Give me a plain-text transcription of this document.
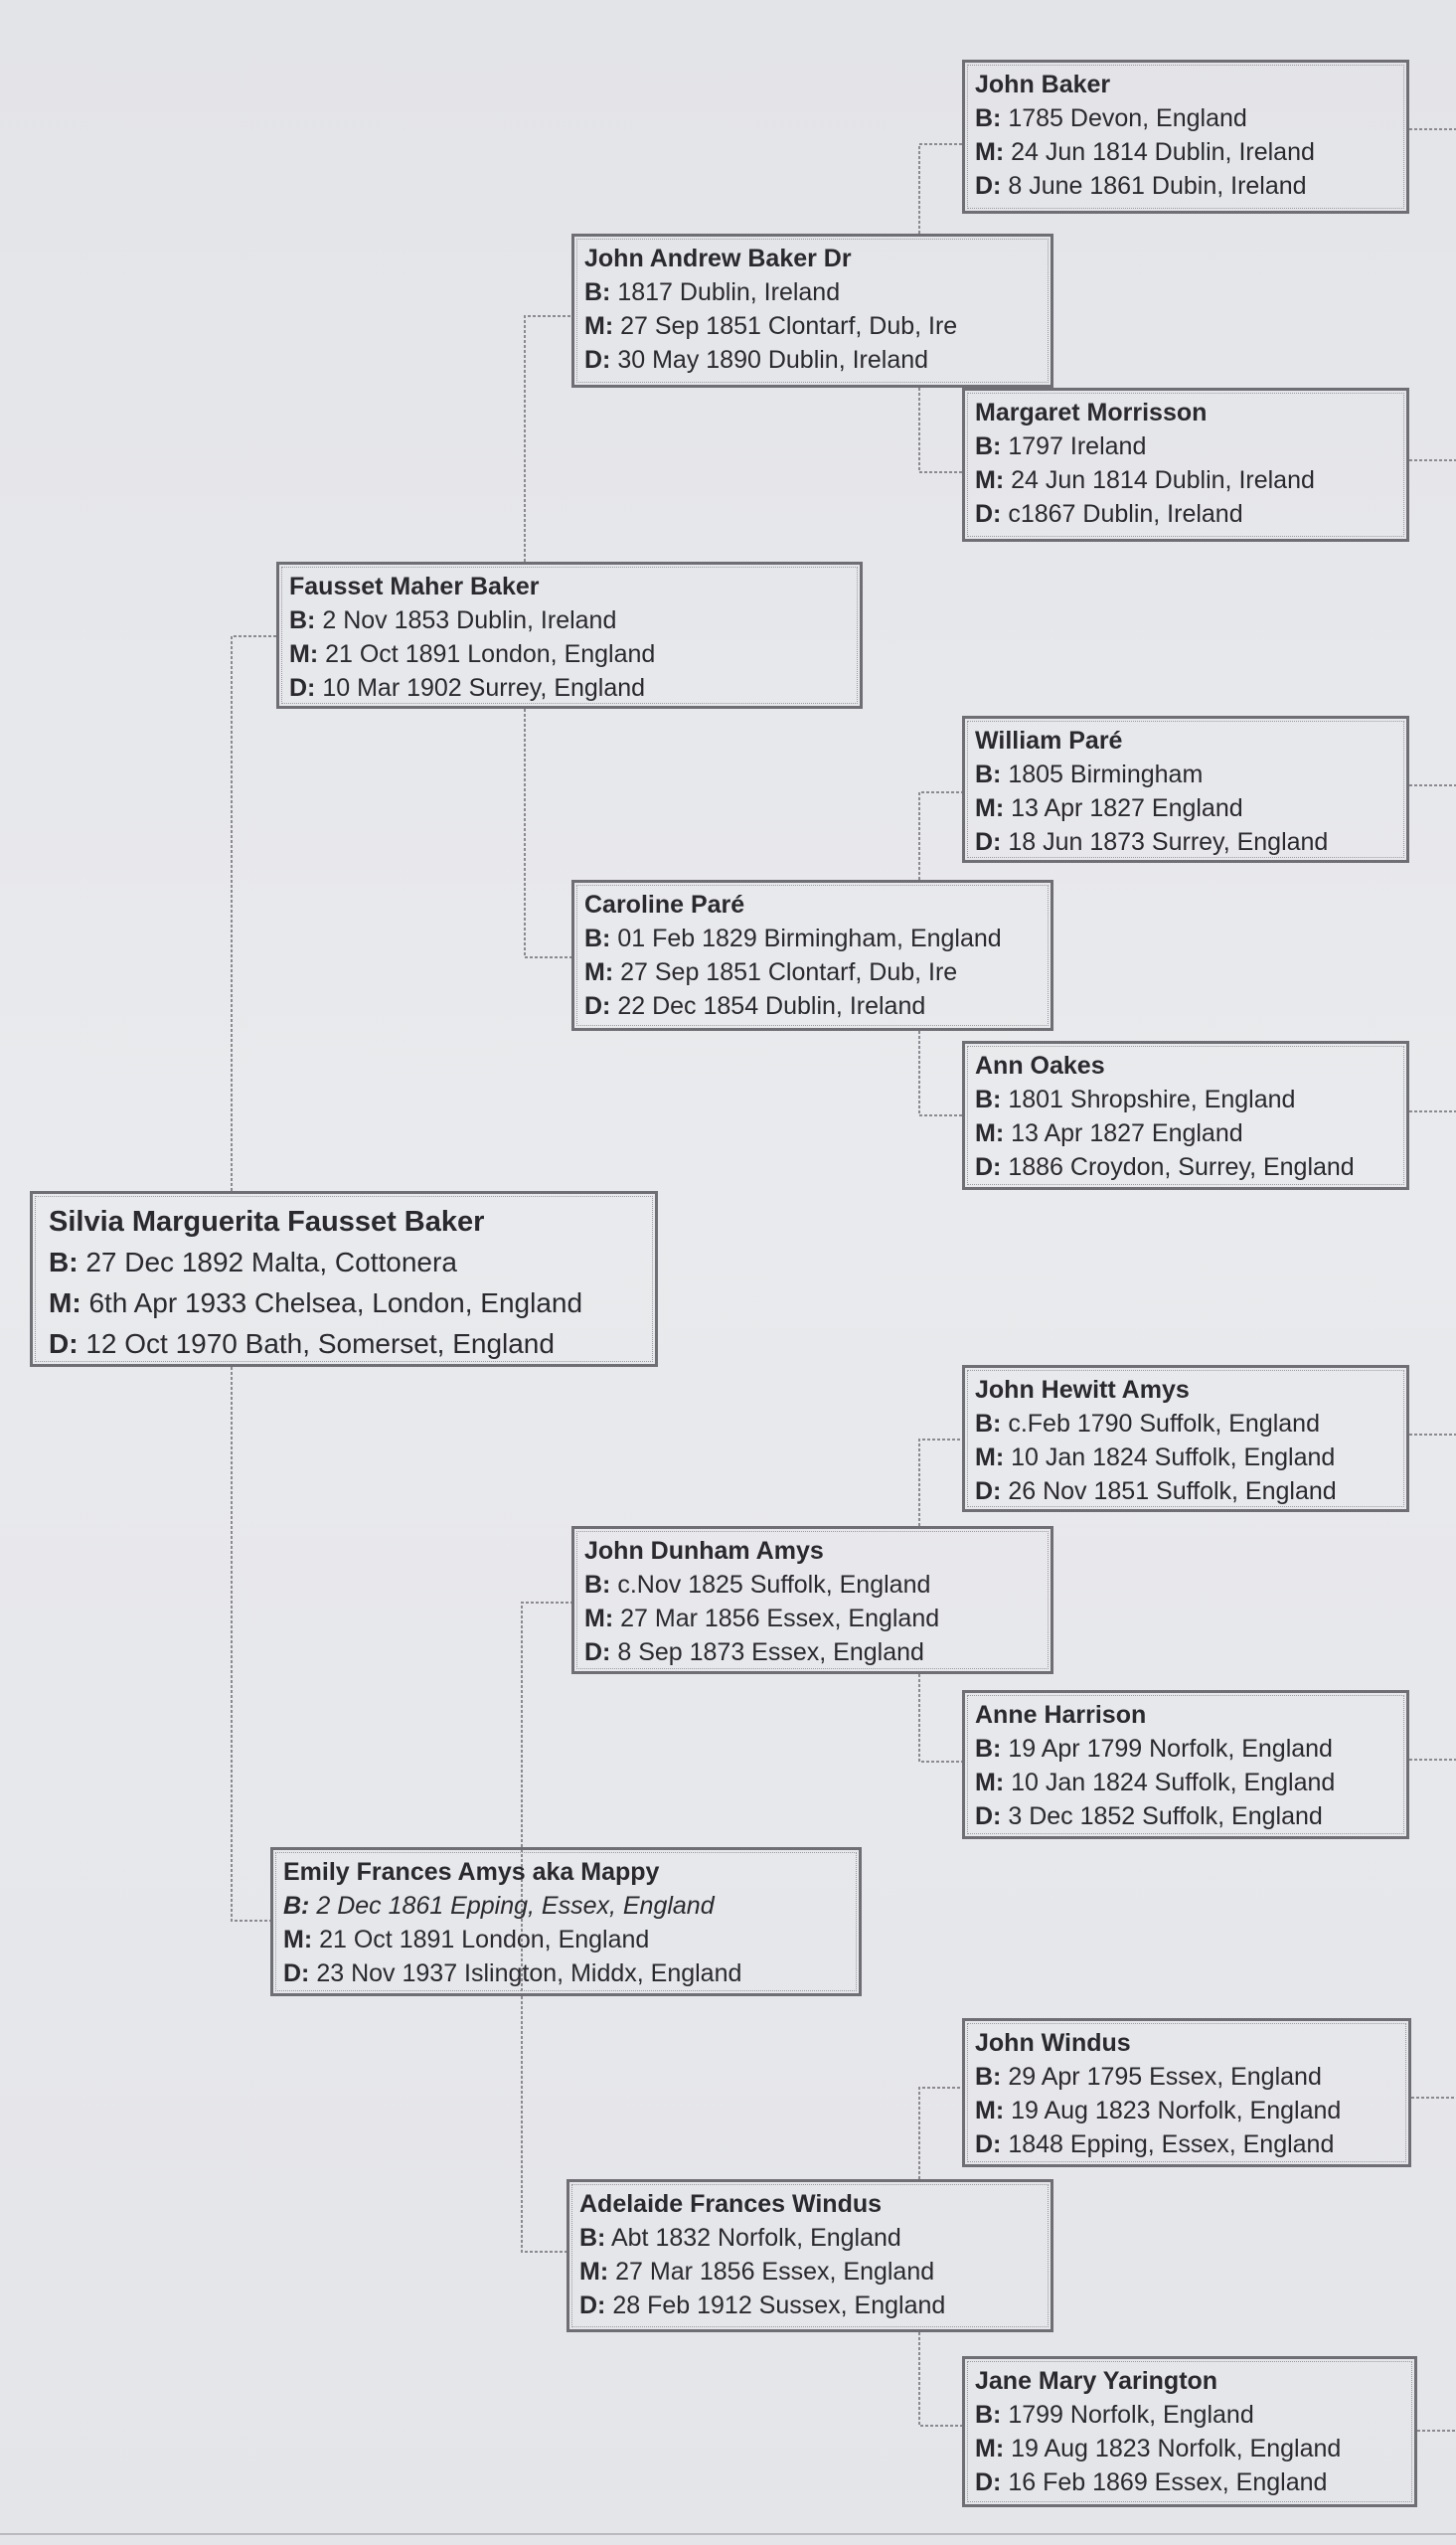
John Baker
B: 1785 Devon, England
M: 24 Jun 1814 Dublin, Ireland
D: 8 June 1861 Dubin, Ireland
John Andrew Baker Dr
B: 1817 Dublin, Ireland
M: 27 Sep 1851 Clontarf, Dub, Ire
D: 30 May 1890 Dublin, Ireland
Margaret Morrisson
B: 1797 Ireland
M: 24 Jun 1814 Dublin, Ireland
D: c1867 Dublin, Ireland
Fausset Maher Baker
B: 2 Nov 1853 Dublin, Ireland
M: 21 Oct 1891 London, England
D: 10 Mar 1902 Surrey, England
William Paré
B: 1805 Birmingham
M: 13 Apr 1827 England
D: 18 Jun 1873 Surrey, England
Caroline Paré
B: 01 Feb 1829 Birmingham, England
M: 27 Sep 1851 Clontarf, Dub, Ire
D: 22 Dec 1854 Dublin, Ireland
Ann Oakes
B: 1801 Shropshire, England
M: 13 Apr 1827 England
D: 1886 Croydon, Surrey, England
Silvia Marguerita Fausset Baker
B: 27 Dec 1892 Malta, Cottonera
M: 6th Apr 1933 Chelsea, London, England
D: 12 Oct 1970 Bath, Somerset, England
John Hewitt Amys
B: c.Feb 1790 Suffolk, England
M: 10 Jan 1824 Suffolk, England
D: 26 Nov 1851 Suffolk, England
John Dunham Amys
B: c.Nov 1825 Suffolk, England
M: 27 Mar 1856 Essex, England
D: 8 Sep 1873 Essex, England
Anne Harrison
B: 19 Apr 1799 Norfolk, England
M: 10 Jan 1824 Suffolk, England
D: 3 Dec 1852 Suffolk, England
Emily Frances Amys aka Mappy
B: 2 Dec 1861 Epping, Essex, England
M: 21 Oct 1891 London, England
D: 23 Nov 1937 Islington, Middx, England
John Windus
B: 29 Apr 1795 Essex, England
M: 19 Aug 1823 Norfolk, England
D: 1848 Epping, Essex, England
Adelaide Frances Windus
B: Abt 1832 Norfolk, England
M: 27 Mar 1856 Essex, England
D: 28 Feb 1912 Sussex, England
Jane Mary Yarington
B: 1799 Norfolk, England
M: 19 Aug 1823 Norfolk, England
D: 16 Feb 1869 Essex, England
